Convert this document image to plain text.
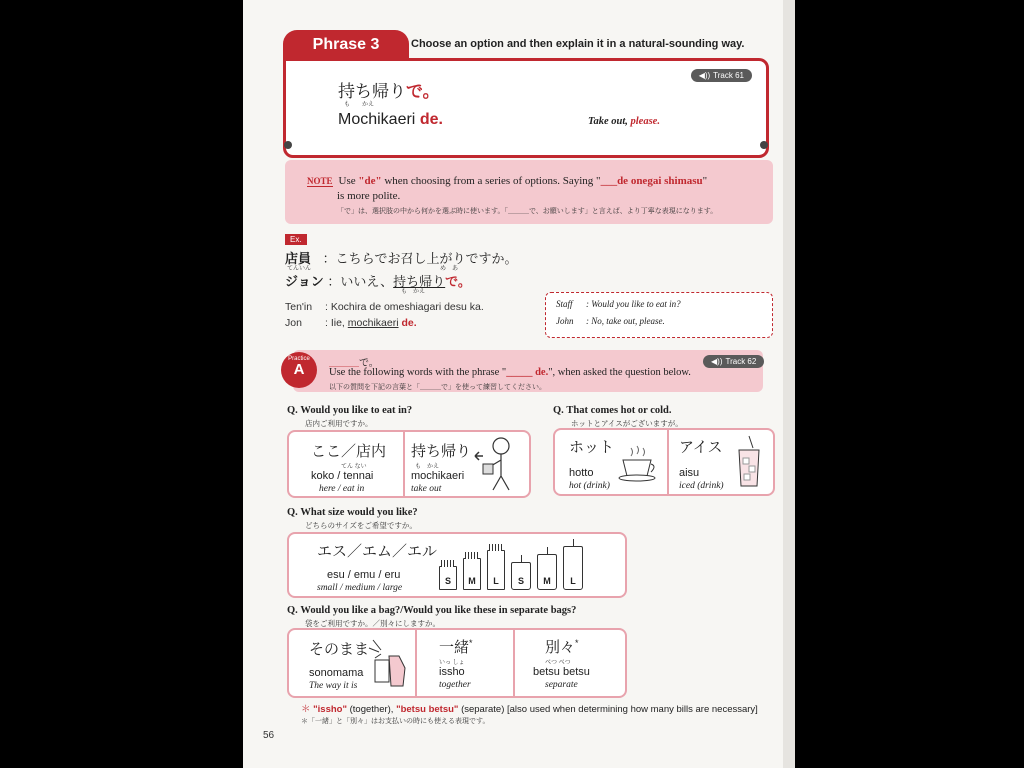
Phrase 3	Choose an option and then explain it in a natural-sounding way.
◀)) Track 61
持ち帰りで。
も　　かえ
Mochikaeri de.	Take out, please.
NOTE Use "de" when choosing from a series of options. Saying "___de onegai shimasu"
is more polite.
「で」は、選択肢の中から何かを選ぶ時に使います。「＿＿＿で、お願いします」と言えば、より丁寧な表現になります。
Ex.
店員 ：こちらでお召し上がりですか。
てんいん	め　あ
ジョン ：いいえ、持ち帰りで。
も　かえ
Ten'in : Kochira de omeshiagari desu ka.
Jon : Iie, mochikaeri de.
Staff : Would you like to eat in?
John : No, take out, please.
Practice
A	＿＿＿で。	◀)) Track 62
Use the following words with the phrase "_____ de.", when asked the question below.
以下の質問を下記の言葉と「＿＿＿で」を使って練習してください。
Q. Would you like to eat in?
店内ご利用ですか。
ここ／店内
てん ない
koko / tennai
here / eat in
持ち帰り
も　かえ
mochikaeri
take out
Q. That comes hot or cold.
ホットとアイスがございますが。
ホット
hotto
hot (drink)
アイス
aisu
iced (drink)
Q. What size would you like?
どちらのサイズをご希望ですか。
エス／エム／エル
esu / emu / eru
small / medium / large
S	M	L	S	M	L
Q. Would you like a bag?/Would you like these in separate bags?
袋をご利用ですか。／別々にしますか。
そのまま
sonomama
The way it is
一緒*
いっ しょ
issho
together
別々*
べつ べつ
betsu betsu
separate
＊ "issho" (together), "betsu betsu" (separate) [also used when determining how many bills are necessary]
＊「一緒」と「別々」はお支払いの時にも使える表現です。
56
